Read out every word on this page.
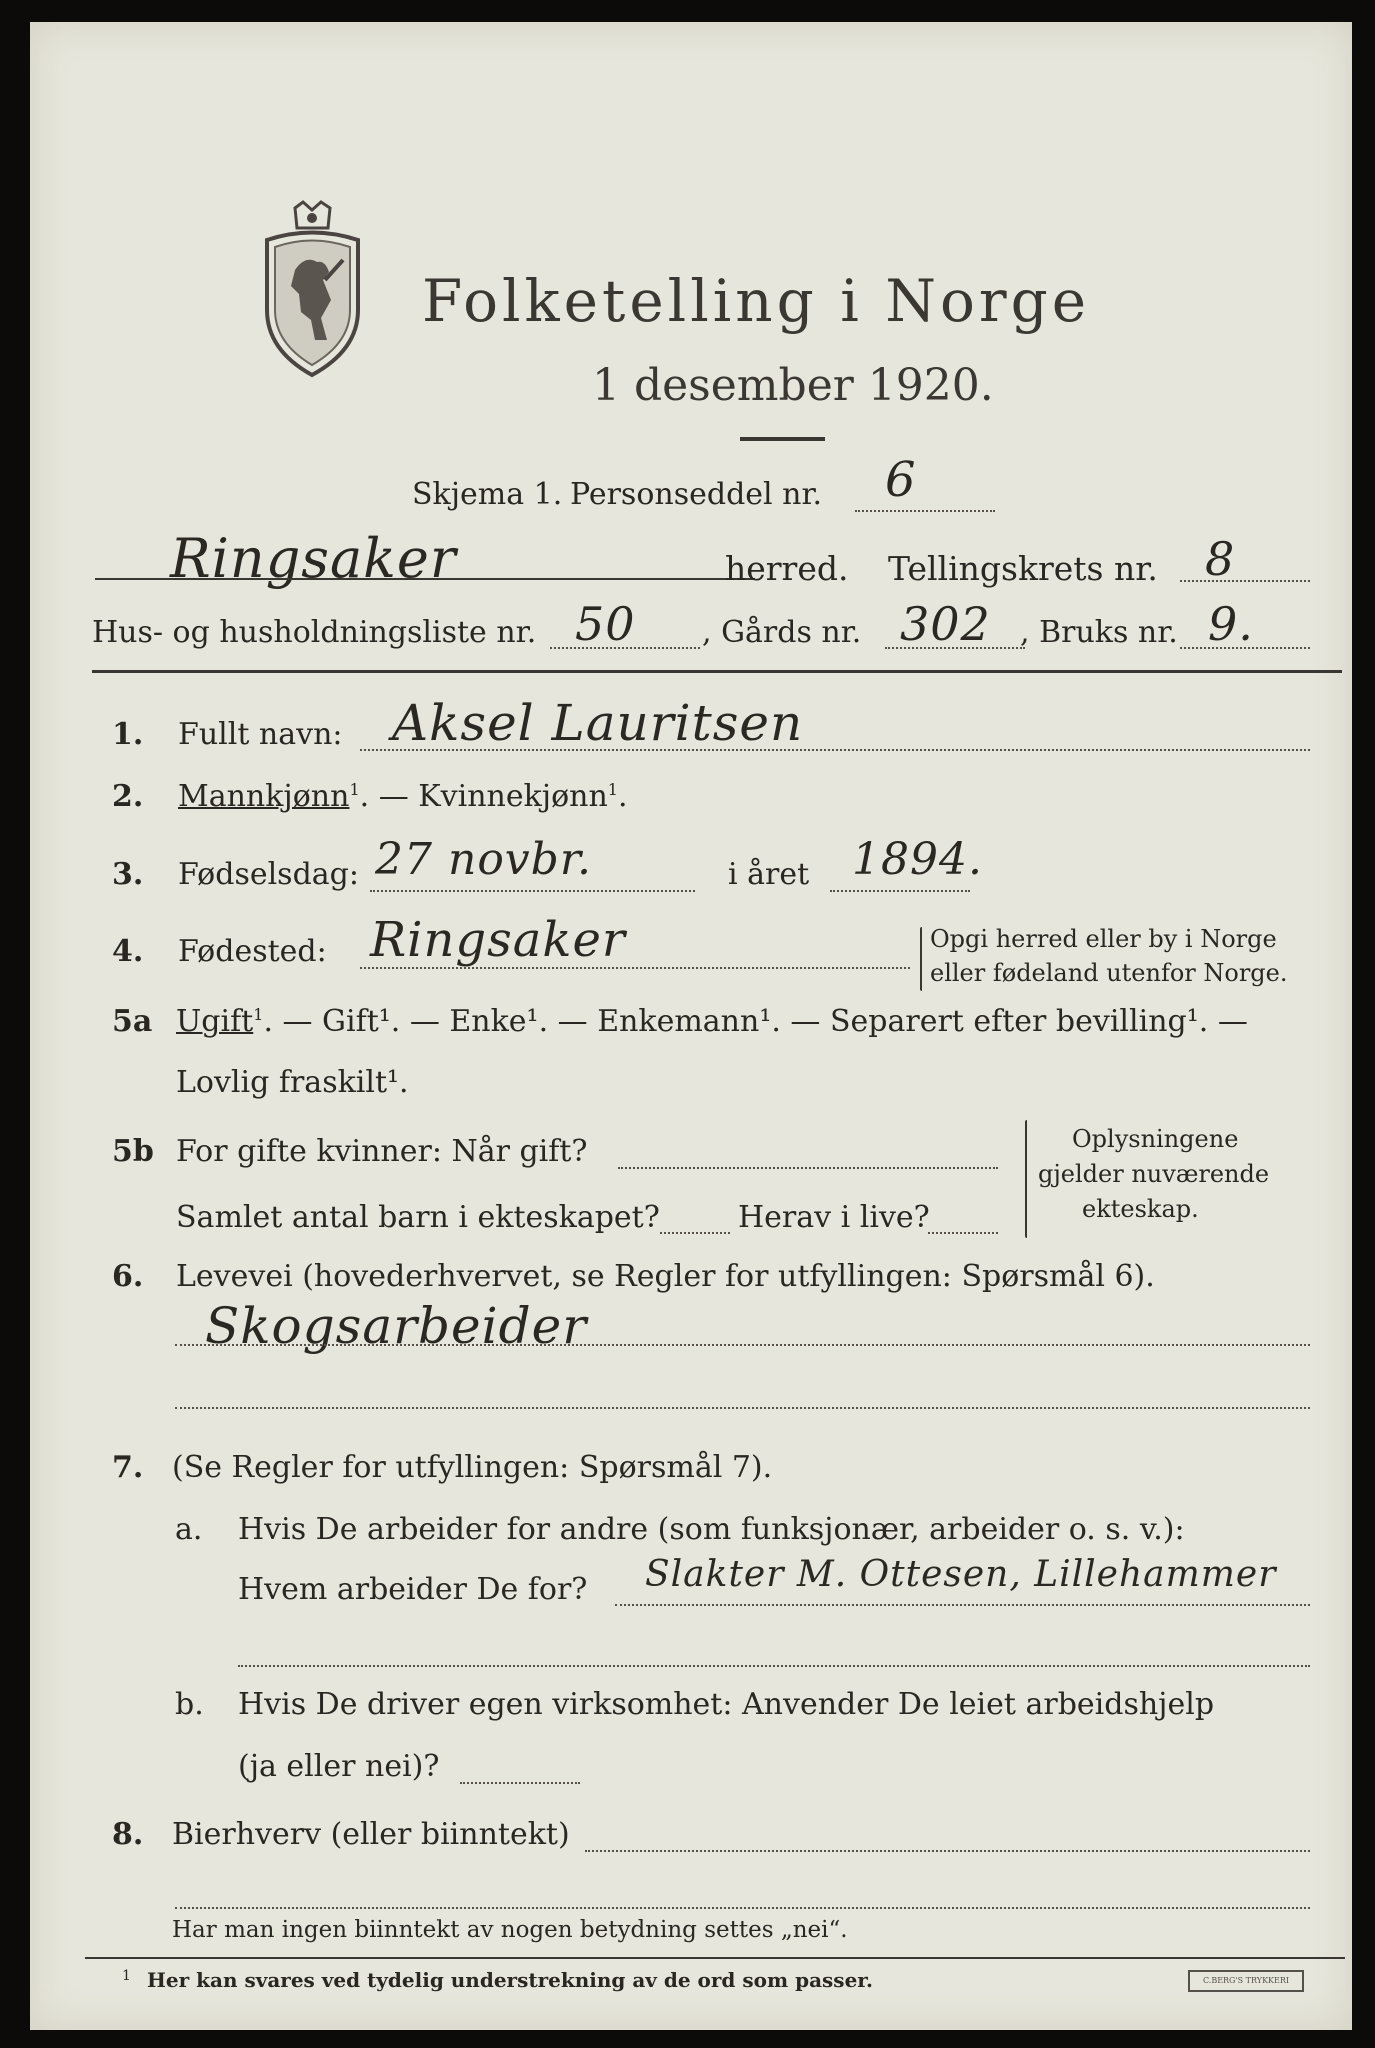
Folketelling i Norge
1 desember 1920.
Skjema 1. Personseddel nr. 6
Ringsaker	herred. Tellingskrets nr. 8
Hus- og husholdningsliste nr. 50 , Gårds nr. 302 , Bruks nr. 9.
1. Fullt navn: Aksel Lauritsen
2. Mannkjønn$^1$. — Kvinnekjønn$^1$.
3. Fødselsdag: 27 novbr.	i året 1894.
4. Fødested: Ringsaker	Opgi herred eller by i Norge
eller fødeland utenfor Norge.
5a Ugift$^1$. — Gift¹. — Enke¹. — Enkemann¹. — Separert efter bevilling¹. —
Lovlig fraskilt¹.
5b For gifte kvinner: Når gift?
Samlet antal barn i ekteskapet?	Herav i live?
Oplysningene
gjelder nuværende
ekteskap.
6. Levevei (hovederhvervet, se Regler for utfyllingen: Spørsmål 6).
Skogsarbeider
7. (Se Regler for utfyllingen: Spørsmål 7).
a. Hvis De arbeider for andre (som funksjonær, arbeider o. s. v.):
Hvem arbeider De for? Slakter M. Ottesen, Lillehammer
b. Hvis De driver egen virksomhet: Anvender De leiet arbeidshjelp
(ja eller nei)?
8. Bierhverv (eller biinntekt)
Har man ingen biinntekt av nogen betydning settes „nei“.
1 Her kan svares ved tydelig understrekning av de ord som passer.	C.BERG'S TRYKKERI
